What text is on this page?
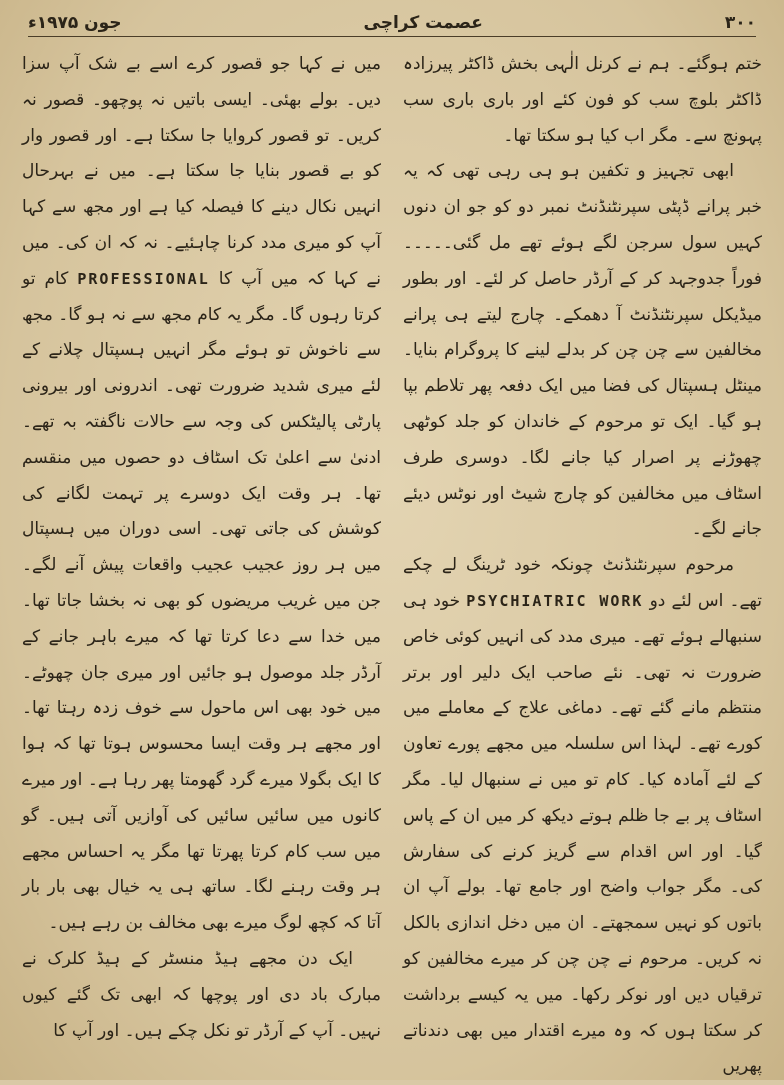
۳۰۰
عصمت کراچی
جون ۱۹۷۵ء

ختم ہوگئے۔ ہم نے کرنل الٰہی بخش ڈاکٹر پیرزادہ ڈاکٹر بلوچ سب کو فون کئے اور باری باری سب پہونچ سے۔ مگر اب کیا ہو سکتا تھا۔

ابھی تجہیز و تکفین ہو ہی رہی تھی کہ یہ خبر پرانے ڈپٹی سپرنٹنڈنٹ نمبر دو کو جو ان دنوں کہیں سول سرجن لگے ہوئے تھے مل گئی۔۔۔۔۔ فوراً جدوجہد کر کے آرڈر حاصل کر لئے۔ اور بطور میڈیکل سپرنٹنڈنٹ آ دھمکے۔ چارج لیتے ہی پرانے مخالفین سے چن چن کر بدلے لینے کا پروگرام بنایا۔ مینٹل ہسپتال کی فضا میں ایک دفعہ پھر تلاطم بپا ہو گیا۔ ایک تو مرحوم کے خاندان کو جلد کوٹھی چھوڑنے پر اصرار کیا جانے لگا۔ دوسری طرف اسٹاف میں مخالفین کو چارج شیٹ اور نوٹس دیئے جانے لگے۔

مرحوم سپرنٹنڈنٹ چونکہ خود ٹرینگ لے چکے تھے۔ اس لئے دو PSYCHIATRIC WORK خود ہی سنبھالے ہوئے تھے۔ میری مدد کی انہیں کوئی خاص ضرورت نہ تھی۔ نئے صاحب ایک دلیر اور برتر منتظم مانے گئے تھے۔ دماغی علاج کے معاملے میں کورے تھے۔ لہذا اس سلسلہ میں مجھے پورے تعاون کے لئے آمادہ کیا۔ کام تو میں نے سنبھال لیا۔ مگر اسٹاف پر بے جا ظلم ہوتے دیکھ کر میں ان کے پاس گیا۔ اور اس اقدام سے گریز کرنے کی سفارش کی۔ مگر جواب واضح اور جامع تھا۔ بولے آپ ان باتوں کو نہیں سمجھتے۔ ان میں دخل اندازی بالکل نہ کریں۔ مرحوم نے چن چن کر میرے مخالفین کو ترقیاں دیں اور نوکر رکھا۔ میں یہ کیسے برداشت کر سکتا ہوں کہ وہ میرے اقتدار میں بھی دندناتے پھریں

میں نے کہا جو قصور کرے اسے بے شک آپ سزا دیں۔ بولے بھئی۔ ایسی باتیں نہ پوچھو۔ قصور نہ کریں۔ تو قصور کروایا جا سکتا ہے۔ اور قصور وار کو بے قصور بنایا جا سکتا ہے۔ میں نے بہرحال انہیں نکال دینے کا فیصلہ کیا ہے اور مجھ سے کہا آپ کو میری مدد کرنا چاہئیے۔ نہ کہ ان کی۔ میں نے کہا کہ میں آپ کا PROFESSIONAL کام تو کرتا رہوں گا۔ مگر یہ کام مجھ سے نہ ہو گا۔ مجھ سے ناخوش تو ہوئے مگر انہیں ہسپتال چلانے کے لئے میری شدید ضرورت تھی۔ اندرونی اور بیرونی پارٹی پالیٹکس کی وجہ سے حالات ناگفتہ بہ تھے۔ ادنیٰ سے اعلیٰ تک اسٹاف دو حصوں میں منقسم تھا۔ ہر وقت ایک دوسرے پر تہمت لگانے کی کوشش کی جاتی تھی۔ اسی دوران میں ہسپتال میں ہر روز عجیب عجیب واقعات پیش آنے لگے۔ جن میں غریب مریضوں کو بھی نہ بخشا جاتا تھا۔ میں خدا سے دعا کرتا تھا کہ میرے باہر جانے کے آرڈر جلد موصول ہو جائیں اور میری جان چھوٹے۔ میں خود بھی اس ماحول سے خوف زدہ رہتا تھا۔ اور مجھے ہر وقت ایسا محسوس ہوتا تھا کہ ہوا کا ایک بگولا میرے گرد گھومتا پھر رہا ہے۔ اور میرے کانوں میں سائیں سائیں کی آوازیں آتی ہیں۔ گو میں سب کام کرتا پھرتا تھا مگر یہ احساس مجھے ہر وقت رہنے لگا۔ ساتھ ہی یہ خیال بھی بار بار آتا کہ کچھ لوگ میرے بھی مخالف بن رہے ہیں۔

ایک دن مجھے ہیڈ منسٹر کے ہیڈ کلرک نے مبارک باد دی اور پوچھا کہ ابھی تک گئے کیوں نہیں۔ آپ کے آرڈر تو نکل چکے ہیں۔ اور آپ کا
